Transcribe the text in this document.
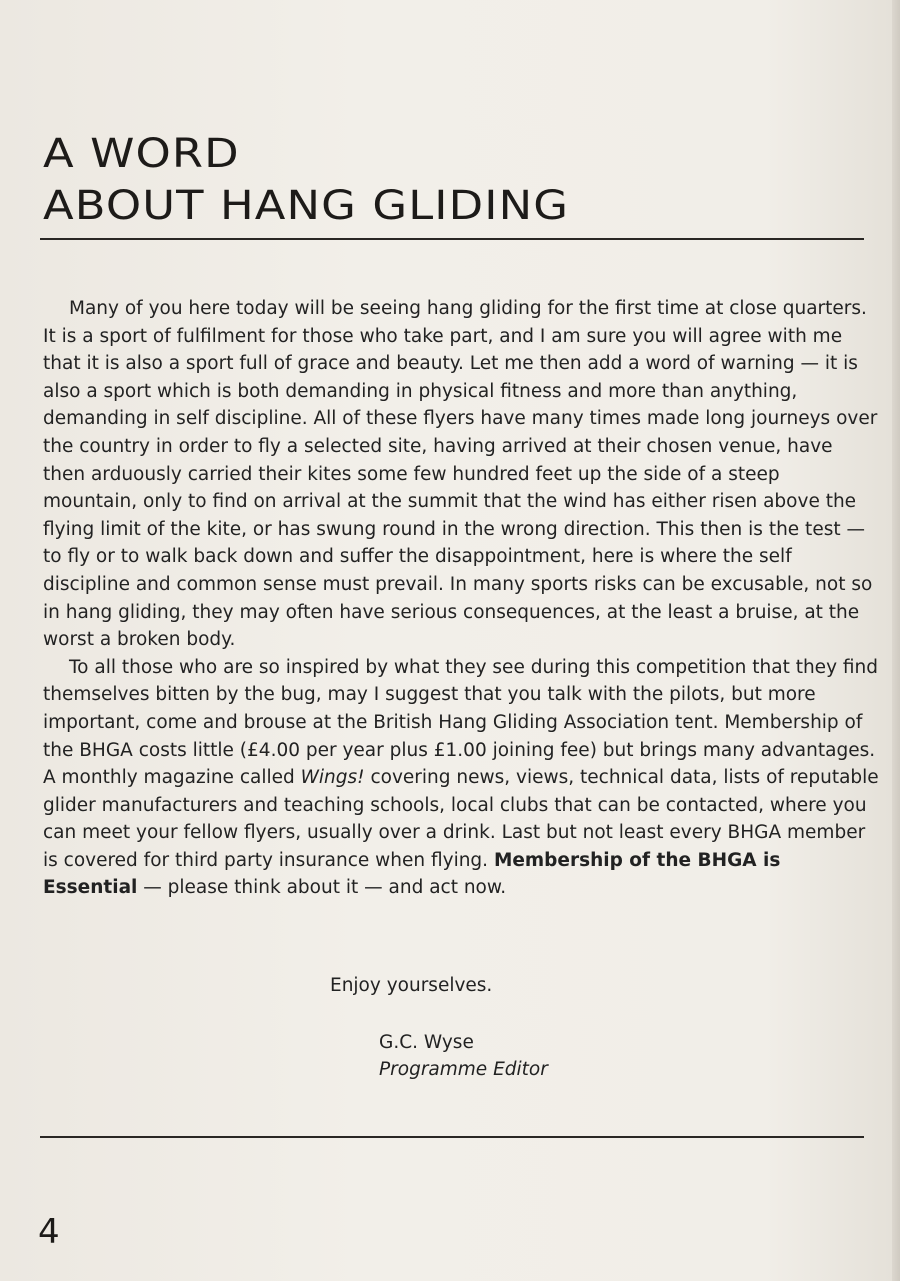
A WORD
ABOUT HANG GLIDING

Many of you here today will be seeing hang gliding for the first time at close quarters. It is a sport of fulfilment for those who take part, and I am sure you will agree with me that it is also a sport full of grace and beauty. Let me then add a word of warning — it is also a sport which is both demanding in physical fitness and more than anything, demanding in self discipline. All of these flyers have many times made long journeys over the country in order to fly a selected site, having arrived at their chosen venue, have then arduously carried their kites some few hundred feet up the side of a steep mountain, only to find on arrival at the summit that the wind has either risen above the flying limit of the kite, or has swung round in the wrong direction. This then is the test — to fly or to walk back down and suffer the disappointment, here is where the self discipline and common sense must prevail. In many sports risks can be excusable, not so in hang gliding, they may often have serious consequences, at the least a bruise, at the worst a broken body.

To all those who are so inspired by what they see during this competition that they find themselves bitten by the bug, may I suggest that you talk with the pilots, but more important, come and brouse at the British Hang Gliding Association tent. Membership of the BHGA costs little (£4.00 per year plus £1.00 joining fee) but brings many advantages. A monthly magazine called Wings! covering news, views, technical data, lists of reputable glider manufacturers and teaching schools, local clubs that can be contacted, where you can meet your fellow flyers, usually over a drink. Last but not least every BHGA member is covered for third party insurance when flying. Membership of the BHGA is Essential — please think about it — and act now.

Enjoy yourselves.
G.C. Wyse
Programme Editor
4
